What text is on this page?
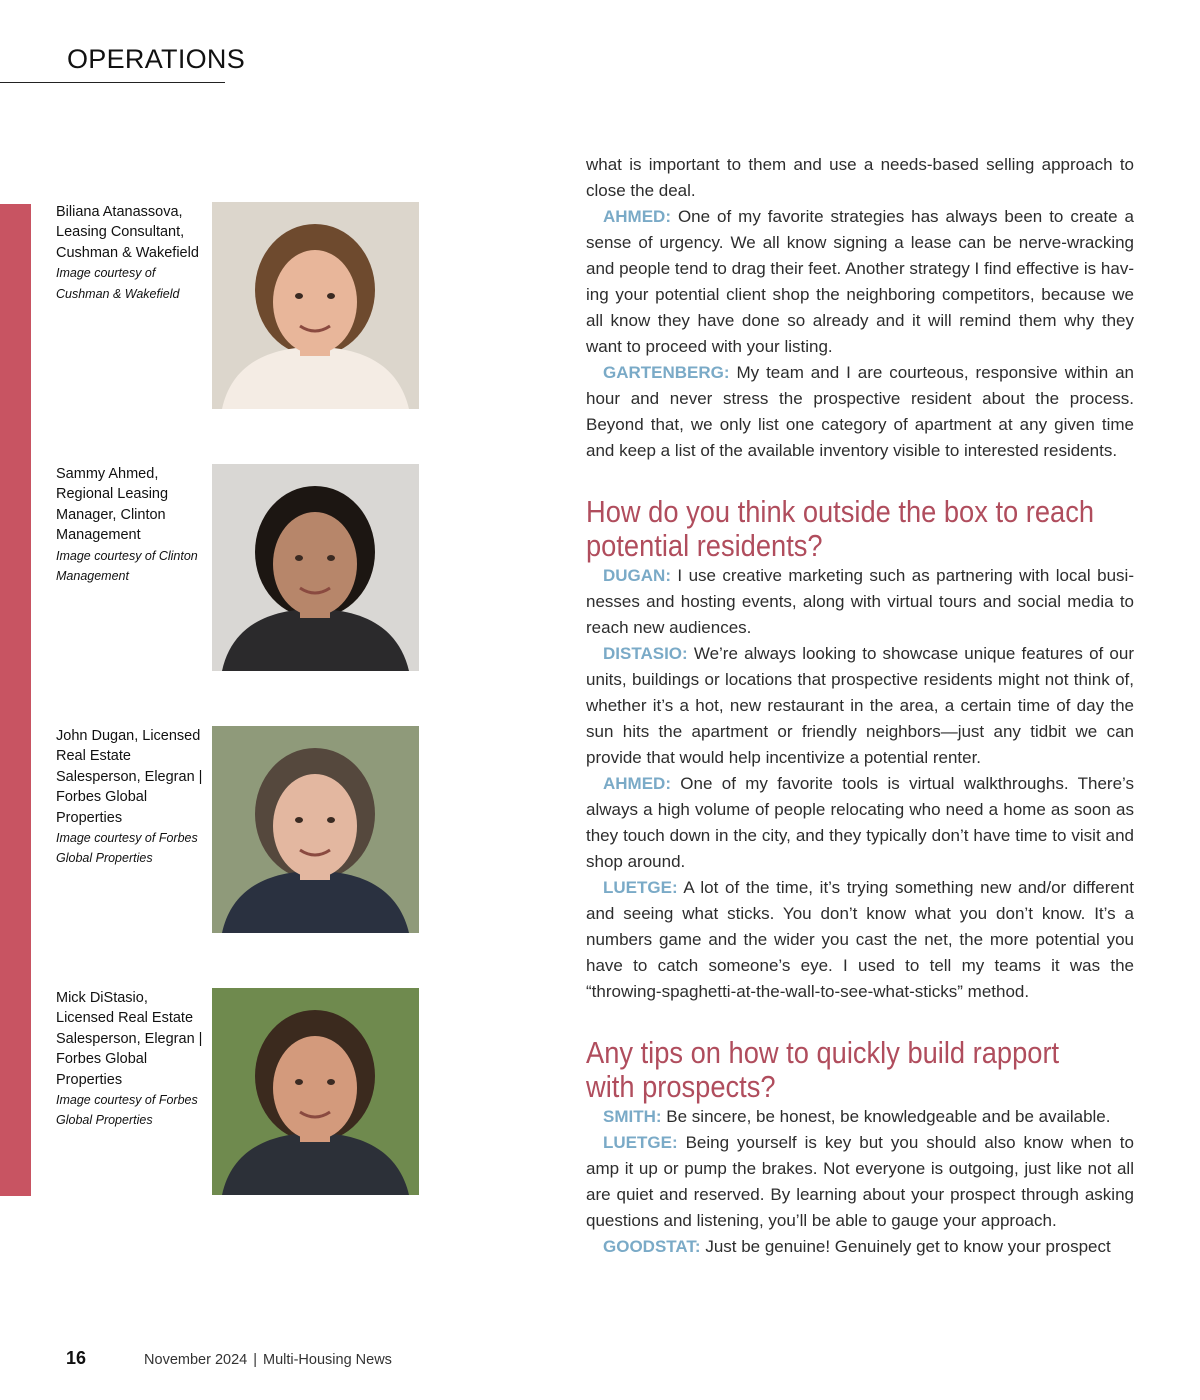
OPERATIONS
Biliana Atanassova, Leasing Consultant, Cushman & Wakefield
Image courtesy of Cushman & Wakefield
Sammy Ahmed, Regional Leasing Manager, Clinton Management
Image courtesy of Clinton Management
John Dugan, Licensed Real Estate Salesperson, Elegran | Forbes Global Properties
Image courtesy of Forbes Global Properties
Mick DiStasio, Licensed Real Estate Salesperson, Elegran | Forbes Global Properties
Image courtesy of Forbes Global Properties

what is important to them and use a needs-based selling approach to close the deal.

AHMED: One of my favorite strategies has always been to create a sense of urgency. We all know signing a lease can be nerve-wracking and people tend to drag their feet. Another strategy I find effective is having your potential client shop the neighboring competitors, because we all know they have done so already and it will remind them why they want to proceed with your listing.

GARTENBERG: My team and I are courteous, responsive within an hour and never stress the prospective resident about the process. Beyond that, we only list one category of apartment at any given time and keep a list of the available inventory visible to interested residents.

How do you think outside the box to reach potential residents?

DUGAN: I use creative marketing such as partnering with local businesses and hosting events, along with virtual tours and social media to reach new audiences.

DISTASIO: We’re always looking to showcase unique features of our units, buildings or locations that prospective residents might not think of, whether it’s a hot, new restaurant in the area, a certain time of day the sun hits the apartment or friendly neighbors—just any tidbit we can provide that would help incentivize a potential renter.

AHMED: One of my favorite tools is virtual walkthroughs. There’s always a high volume of people relocating who need a home as soon as they touch down in the city, and they typically don’t have time to visit and shop around.

LUETGE: A lot of the time, it’s trying something new and/or different and seeing what sticks. You don’t know what you don’t know. It’s a numbers game and the wider you cast the net, the more potential you have to catch someone’s eye. I used to tell my teams it was the “throwing-spaghetti-at-the-wall-to-see-what-sticks” method.

Any tips on how to quickly build rapport with prospects?

SMITH: Be sincere, be honest, be knowledgeable and be available.

LUETGE: Being yourself is key but you should also know when to amp it up or pump the brakes. Not everyone is outgoing, just like not all are quiet and reserved. By learning about your prospect through asking questions and listening, you’ll be able to gauge your approach.

GOODSTAT: Just be genuine! Genuinely get to know your prospect

16	November 2024 | Multi-Housing News
